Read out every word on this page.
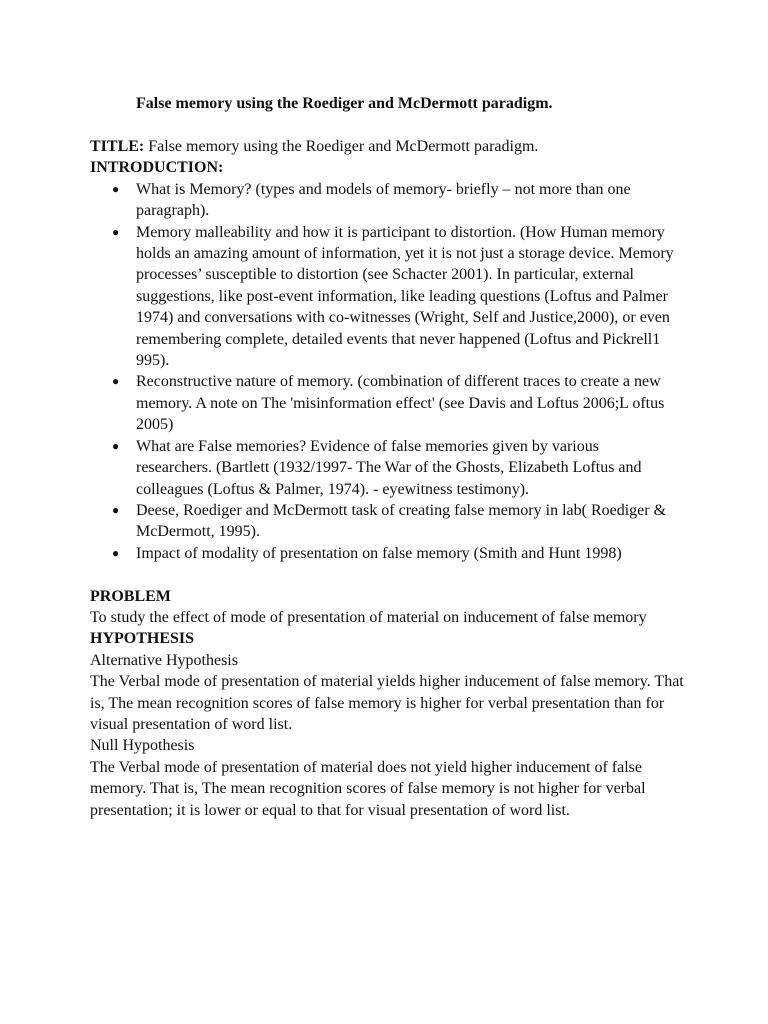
False memory using the Roediger and McDermott paradigm.

TITLE: False memory using the Roediger and McDermott paradigm.

INTRODUCTION:

● What is Memory? (types and models of memory- briefly – not more than one paragraph).
● Memory malleability and how it is participant to distortion. (How Human memory holds an amazing amount of information, yet it is not just a storage device. Memory processes’ susceptible to distortion (see Schacter 2001). In particular, external suggestions, like post-event information, like leading questions (Loftus and Palmer 1974) and conversations with co-witnesses (Wright, Self and Justice,2000), or even remembering complete, detailed events that never happened (Loftus and Pickrell1 995).
● Reconstructive nature of memory. (combination of different traces to create a new memory. A note on The 'misinformation effect' (see Davis and Loftus 2006;L oftus 2005)
● What are False memories? Evidence of false memories given by various researchers. (Bartlett (1932/1997- The War of the Ghosts, Elizabeth Loftus and colleagues (Loftus & Palmer, 1974). - eyewitness testimony).
● Deese, Roediger and McDermott task of creating false memory in lab( Roediger & McDermott, 1995).
● Impact of modality of presentation on false memory (Smith and Hunt 1998)

PROBLEM

To study the effect of mode of presentation of material on inducement of false memory

HYPOTHESIS

Alternative Hypothesis

The Verbal mode of presentation of material yields higher inducement of false memory. That is, The mean recognition scores of false memory is higher for verbal presentation than for visual presentation of word list.

Null Hypothesis

The Verbal mode of presentation of material does not yield higher inducement of false memory. That is, The mean recognition scores of false memory is not higher for verbal presentation; it is lower or equal to that for visual presentation of word list.
